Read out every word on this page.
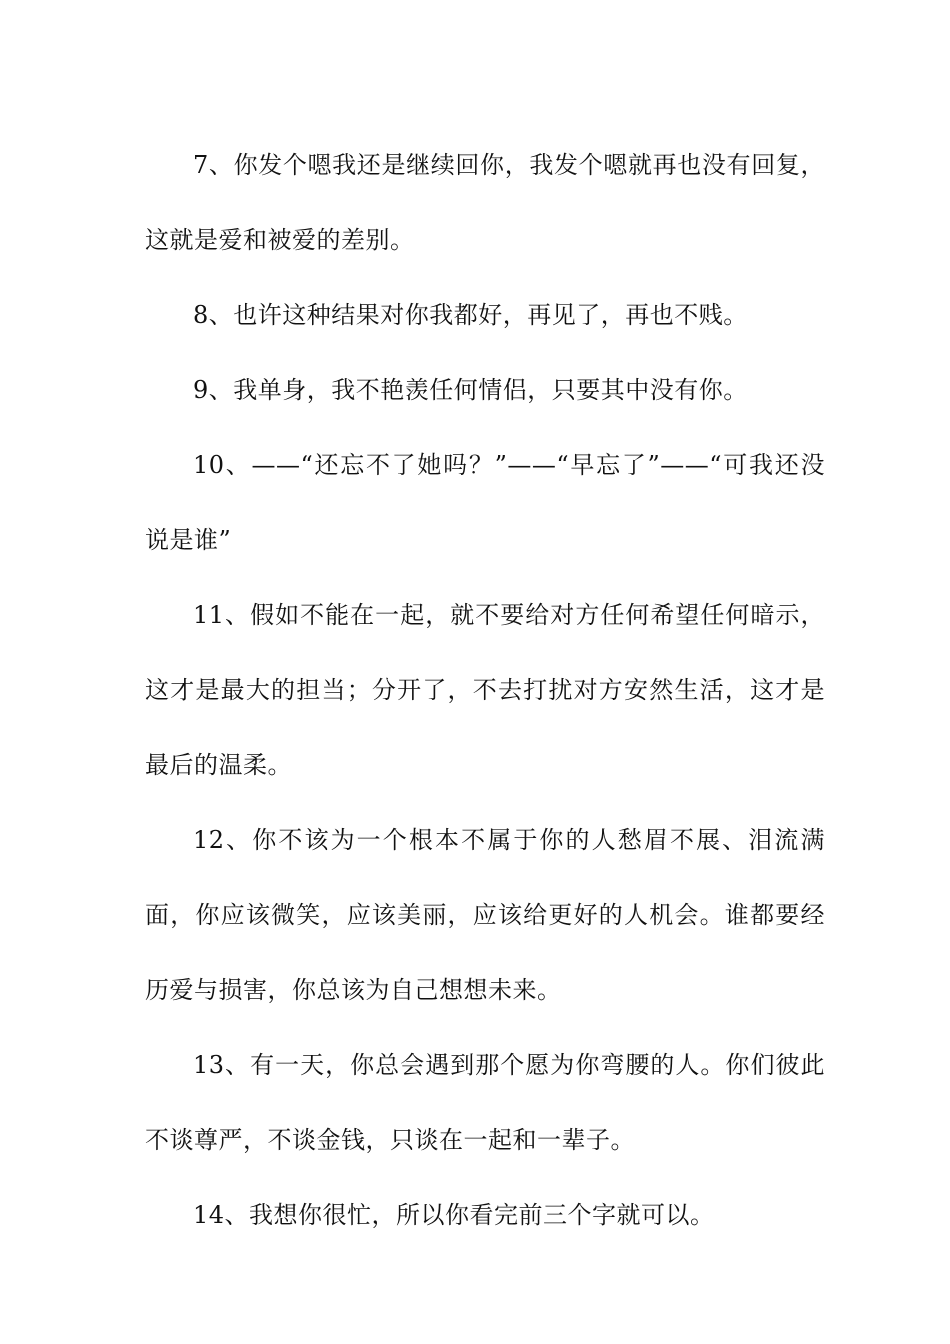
7、你发个嗯我还是继续回你，我发个嗯就再也没有回复，这就是爱和被爱的差别。

8、也许这种结果对你我都好，再见了，再也不贱。

9、我单身，我不艳羡任何情侣，只要其中没有你。

10、——“还忘不了她吗？”——“早忘了”——“可我还没说是谁”

11、假如不能在一起，就不要给对方任何希望任何暗示，这才是最大的担当；分开了，不去打扰对方安然生活，这才是最后的温柔。

12、你不该为一个根本不属于你的人愁眉不展、泪流满面，你应该微笑，应该美丽，应该给更好的人机会。谁都要经历爱与损害，你总该为自己想想未来。

13、有一天，你总会遇到那个愿为你弯腰的人。你们彼此不谈尊严，不谈金钱，只谈在一起和一辈子。

14、我想你很忙，所以你看完前三个字就可以。
